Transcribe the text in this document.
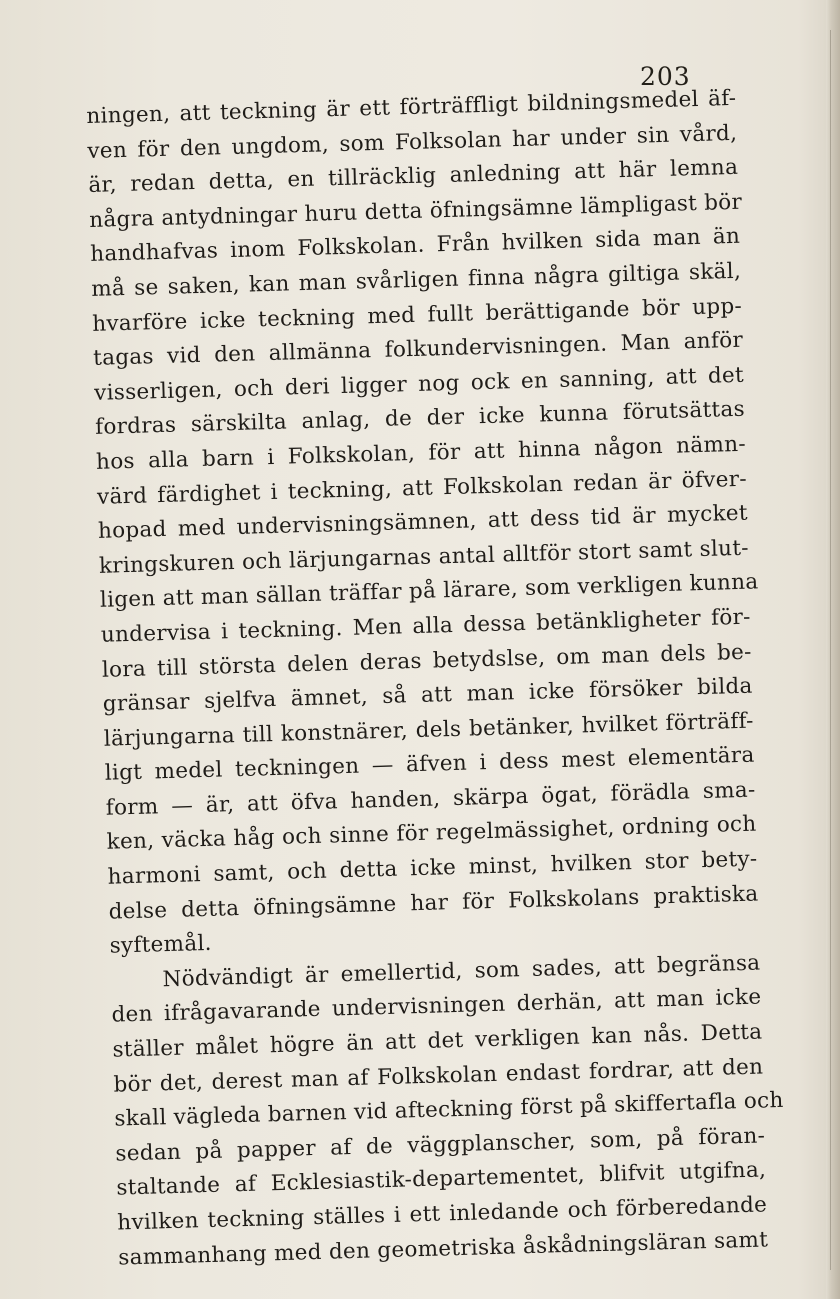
203
ningen, att teckning är ett förträffligt bildningsmedel äf-
ven för den ungdom, som Folksolan har under sin vård,
är, redan detta, en tillräcklig anledning att här lemna
några antydningar huru detta öfningsämne lämpligast bör
handhafvas inom Folkskolan. Från hvilken sida man än
må se saken, kan man svårligen finna några giltiga skäl,
hvarföre icke teckning med fullt berättigande bör upp-
tagas vid den allmänna folkundervisningen. Man anför
visserligen, och deri ligger nog ock en sanning, att det
fordras särskilta anlag, de der icke kunna förutsättas
hos alla barn i Folkskolan, för att hinna någon nämn-
värd färdighet i teckning, att Folkskolan redan är öfver-
hopad med undervisningsämnen, att dess tid är mycket
kringskuren och lärjungarnas antal alltför stort samt slut-
ligen att man sällan träffar på lärare, som verkligen kunna
undervisa i teckning. Men alla dessa betänkligheter för-
lora till största delen deras betydslse, om man dels be-
gränsar sjelfva ämnet, så att man icke försöker bilda
lärjungarna till konstnärer, dels betänker, hvilket förträff-
ligt medel teckningen — äfven i dess mest elementära
form — är, att öfva handen, skärpa ögat, förädla sma-
ken, väcka håg och sinne för regelmässighet, ordning och
harmoni samt, och detta icke minst, hvilken stor bety-
delse detta öfningsämne har för Folkskolans praktiska
syftemål.
Nödvändigt är emellertid, som sades, att begränsa
den ifrågavarande undervisningen derhän, att man icke
ställer målet högre än att det verkligen kan nås. Detta
bör det, derest man af Folkskolan endast fordrar, att den
skall vägleda barnen vid afteckning först på skiffertafla och
sedan på papper af de väggplanscher, som, på föran-
staltande af Ecklesiastik-departementet, blifvit utgifna,
hvilken teckning ställes i ett inledande och förberedande
sammanhang med den geometriska åskådningsläran samt
